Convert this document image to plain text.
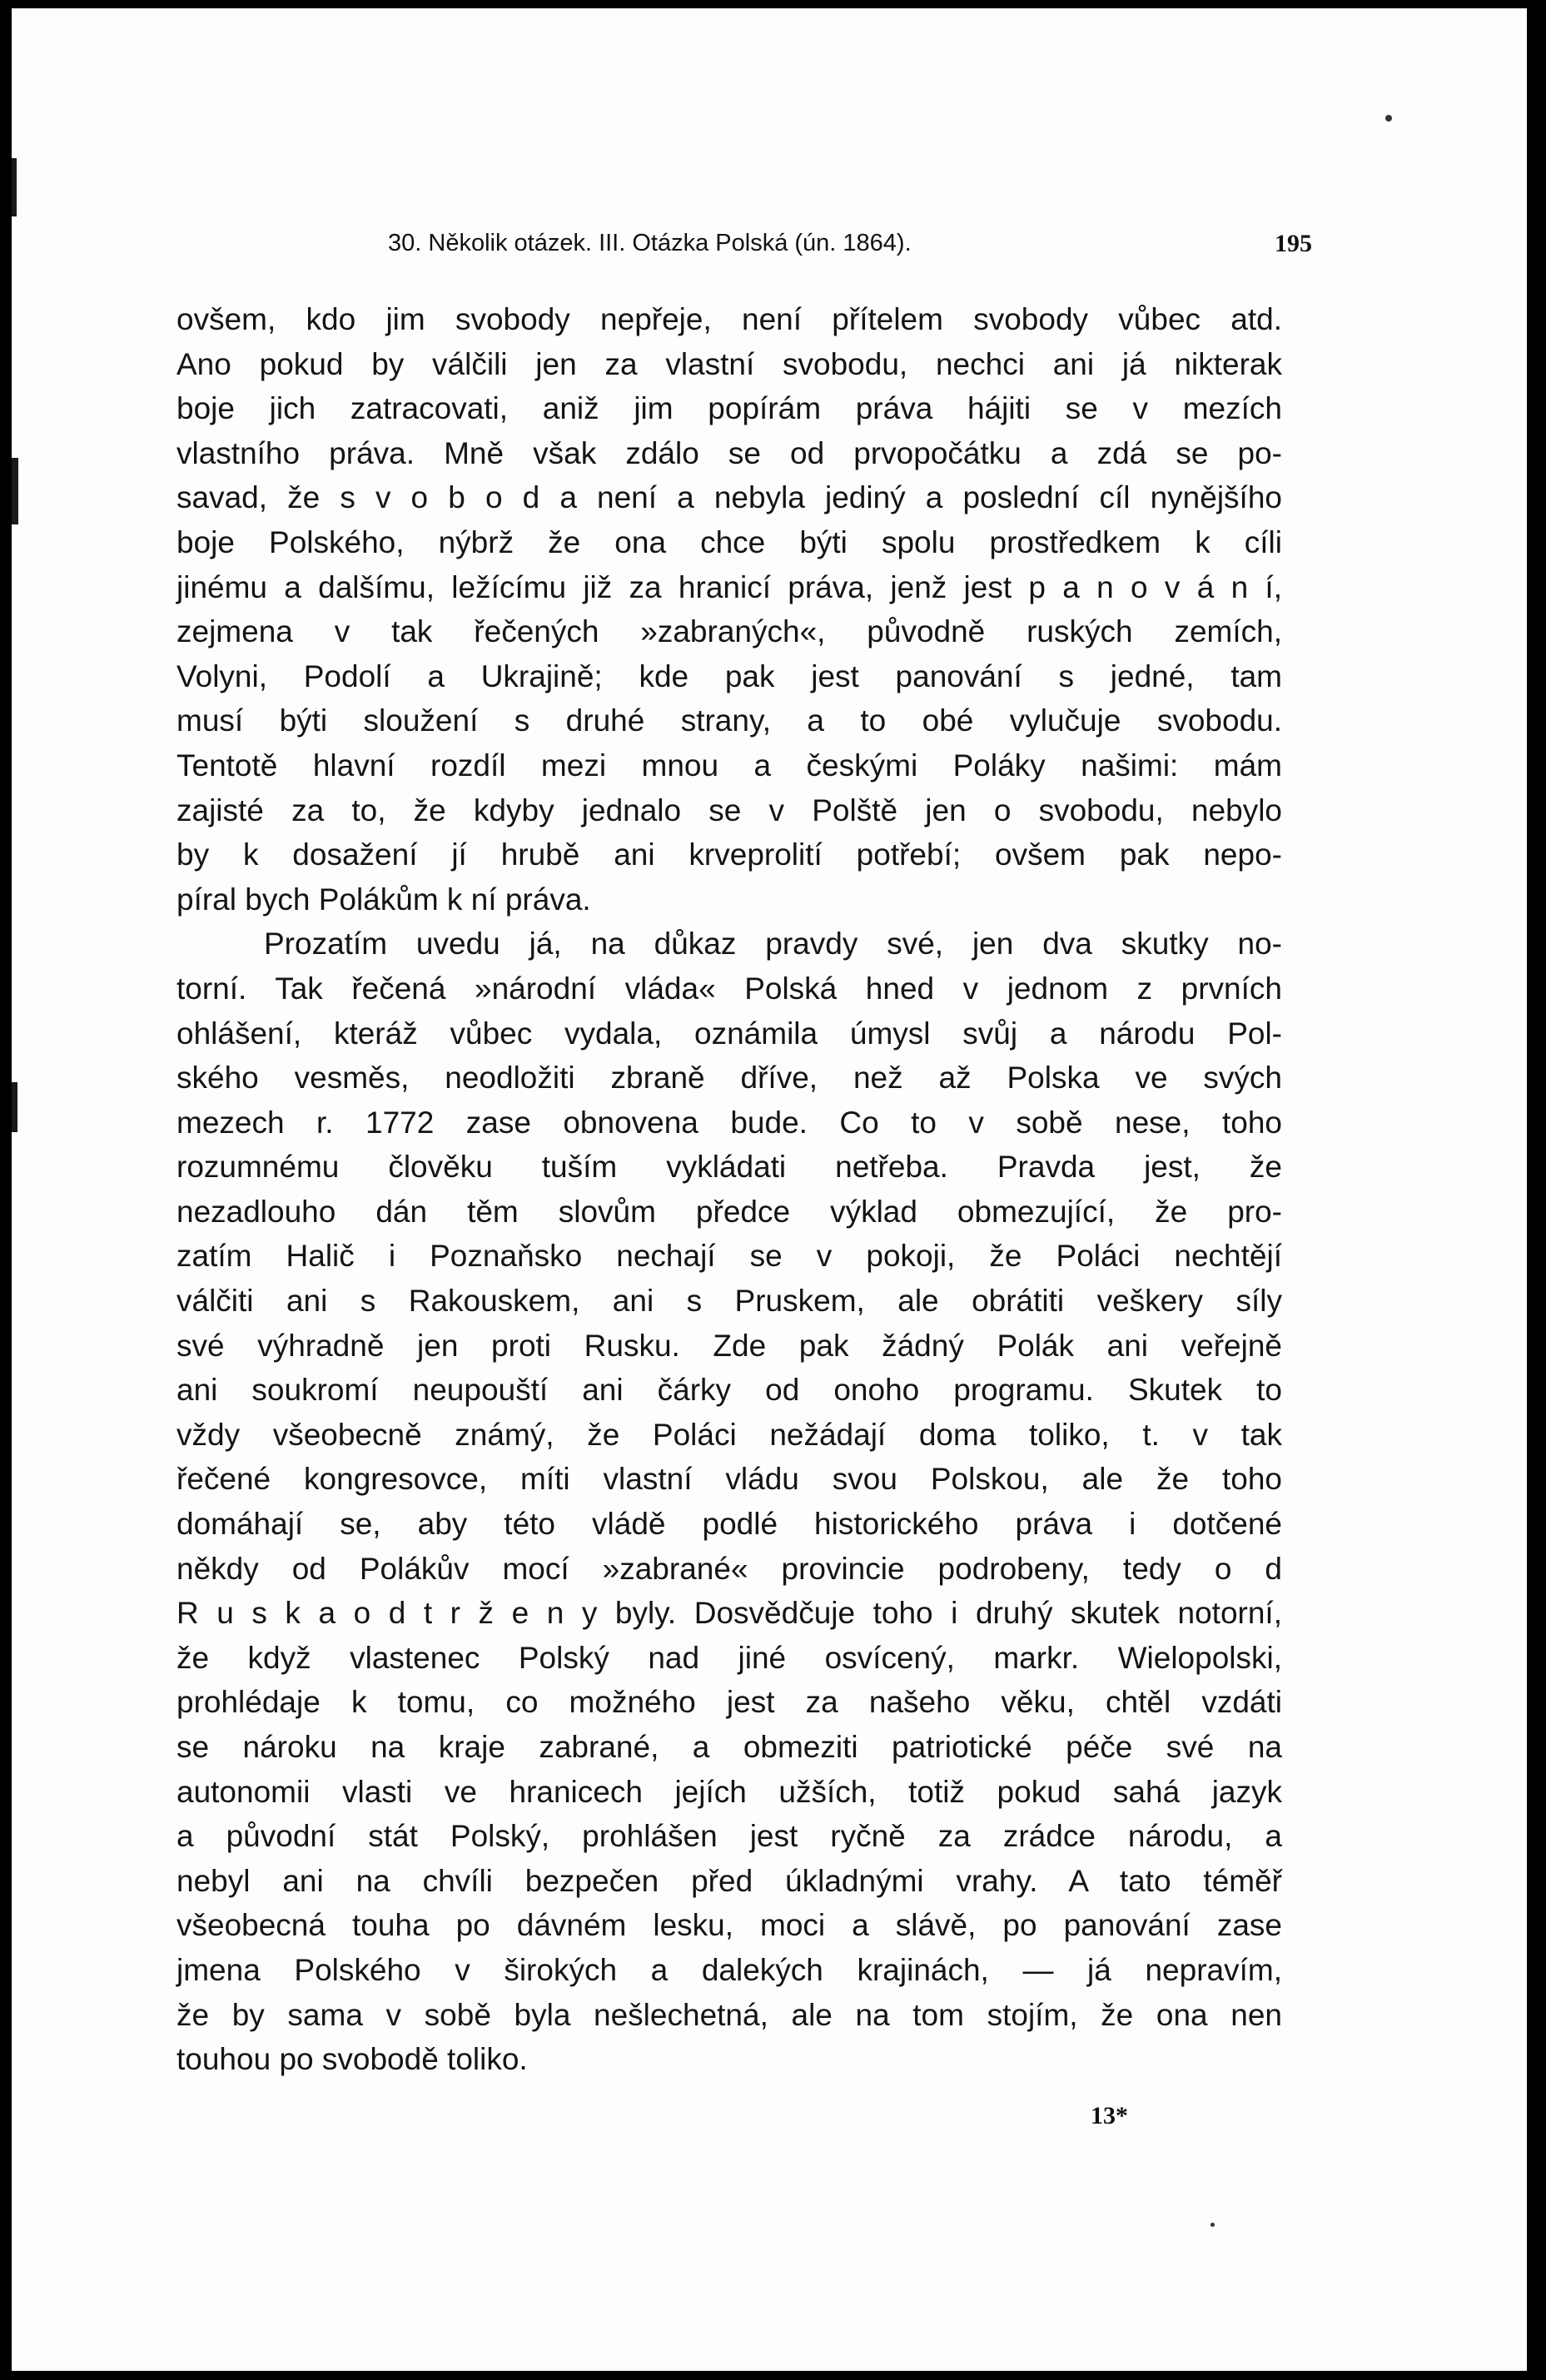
30. Několik otázek. III. Otázka Polská (ún. 1864).	195
ovšem, kdo jim svobody nepřeje, není přítelem svobody vůbec atd.
Ano pokud by válčili jen za vlastní svobodu, nechci ani já nikterak
boje jich zatracovati, aniž jim popírám práva hájiti se v mezích
vlastního práva. Mně však zdálo se od prvopočátku a zdá se po-
savad, že s v o b o d a není a nebyla jediný a poslední cíl nynějšího
boje Polského, nýbrž že ona chce býti spolu prostředkem k cíli
jinému a dalšímu, ležícímu již za hranicí práva, jenž jest p a n o v á n í,
zejmena v tak řečených »zabraných«, původně ruských zemích,
Volyni, Podolí a Ukrajině; kde pak jest panování s jedné, tam
musí býti sloužení s druhé strany, a to obé vylučuje svobodu.
Tentotě hlavní rozdíl mezi mnou a českými Poláky našimi: mám
zajisté za to, že kdyby jednalo se v Polště jen o svobodu, nebylo
by k dosažení jí hrubě ani krveprolití potřebí; ovšem pak nepo-
píral bych Polákům k ní práva.
Prozatím uvedu já, na důkaz pravdy své, jen dva skutky no-
torní. Tak řečená »národní vláda« Polská hned v jednom z prvních
ohlášení, kteráž vůbec vydala, oznámila úmysl svůj a národu Pol-
ského vesměs, neodložiti zbraně dříve, než až Polska ve svých
mezech r. 1772 zase obnovena bude. Co to v sobě nese, toho
rozumnému člověku tuším vykládati netřeba. Pravda jest, že
nezadlouho dán těm slovům předce výklad obmezující, že pro-
zatím Halič i Poznaňsko nechají se v pokoji, že Poláci nechtějí
válčiti ani s Rakouskem, ani s Pruskem, ale obrátiti veškery síly
své výhradně jen proti Rusku. Zde pak žádný Polák ani veřejně
ani soukromí neupouští ani čárky od onoho programu. Skutek to
vždy všeobecně známý, že Poláci nežádají doma toliko, t. v tak
řečené kongresovce, míti vlastní vládu svou Polskou, ale že toho
domáhají se, aby této vládě podlé historického práva i dotčené
někdy od Polákův mocí »zabrané« provincie podrobeny, tedy o d
R u s k a o d t r ž e n y byly. Dosvědčuje toho i druhý skutek notorní,
že když vlastenec Polský nad jiné osvícený, markr. Wielopolski,
prohlédaje k tomu, co možného jest za našeho věku, chtěl vzdáti
se nároku na kraje zabrané, a obmeziti patriotické péče své na
autonomii vlasti ve hranicech jejích užších, totiž pokud sahá jazyk
a původní stát Polský, prohlášen jest ryčně za zrádce národu, a
nebyl ani na chvíli bezpečen před úkladnými vrahy. A tato téměř
všeobecná touha po dávném lesku, moci a slávě, po panování zase
jmena Polského v širokých a dalekých krajinách, — já nepravím,
že by sama v sobě byla nešlechetná, ale na tom stojím, že ona nen
touhou po svobodě toliko.
13*
